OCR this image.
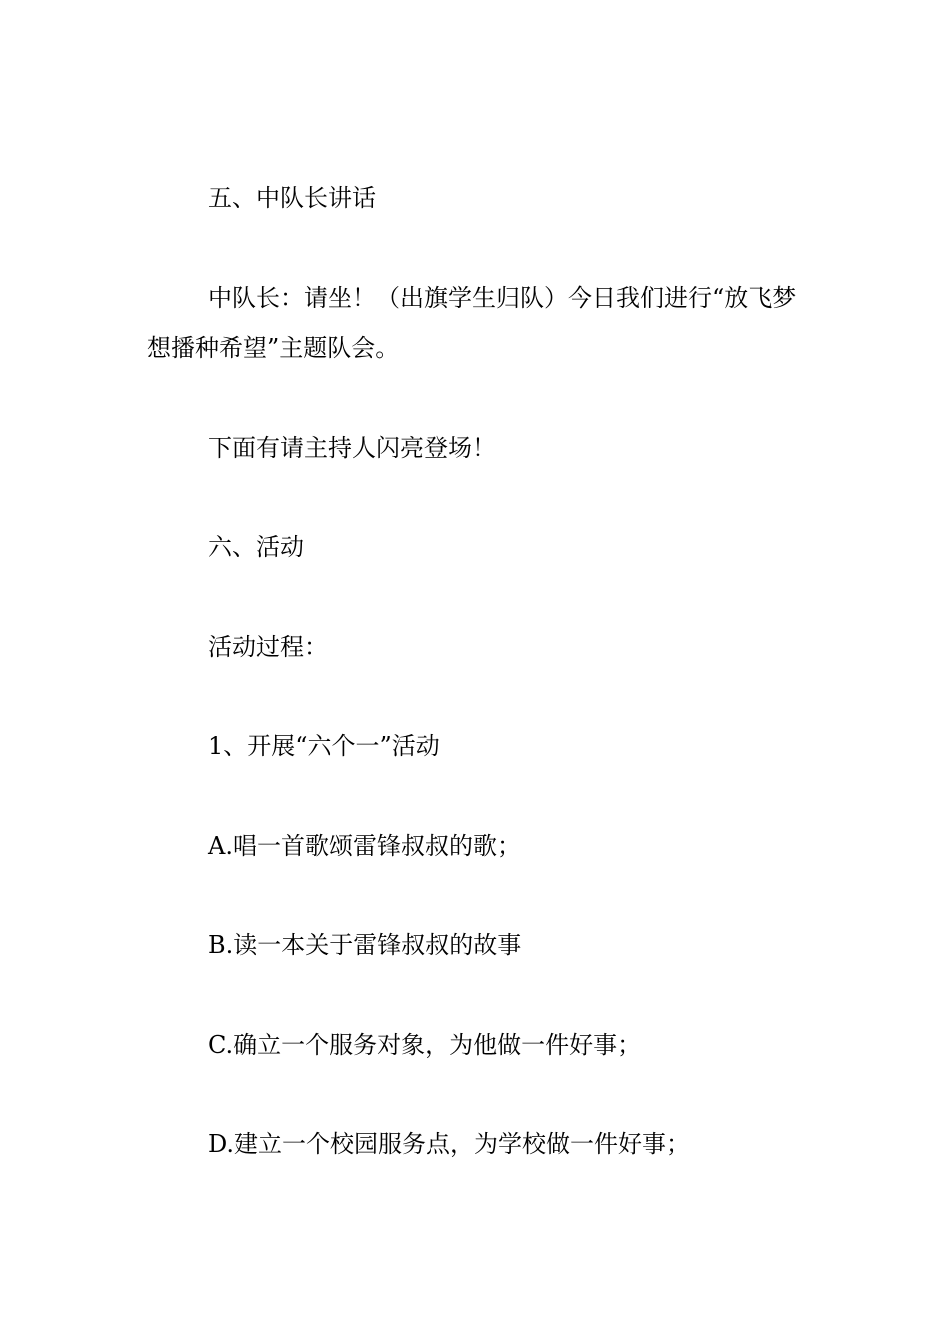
五、中队长讲话

中队长：请坐！（出旗学生归队）今日我们进行“放飞梦想播种希望”主题队会。

下面有请主持人闪亮登场！

六、活动

活动过程：

1、开展“六个一”活动

A.唱一首歌颂雷锋叔叔的歌；

B.读一本关于雷锋叔叔的故事

C.确立一个服务对象，为他做一件好事；

D.建立一个校园服务点，为学校做一件好事；
